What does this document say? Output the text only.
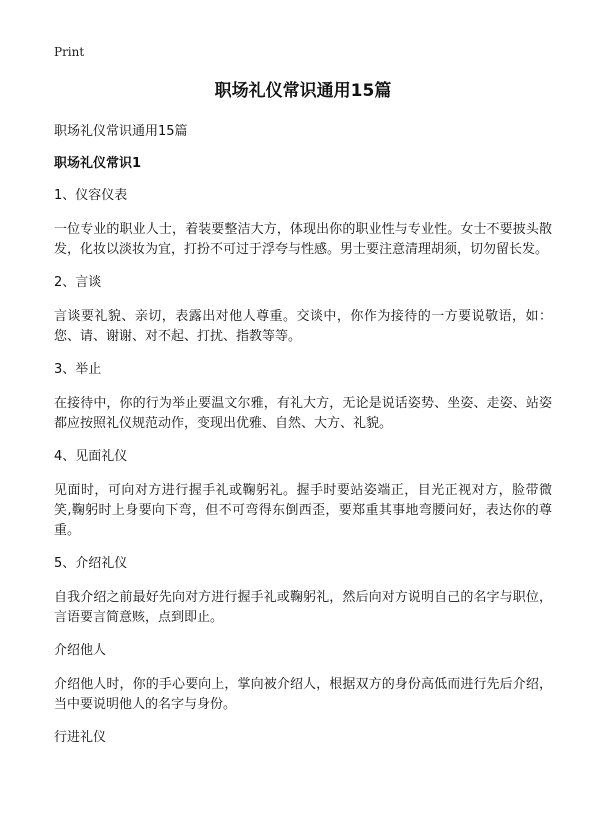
Print
职场礼仪常识通用15篇
职场礼仪常识通用15篇
职场礼仪常识1
1、仪容仪表
一位专业的职业人士，着装要整洁大方，体现出你的职业性与专业性。女士不要披头散发，化妆以淡妆为宜，打扮不可过于浮夸与性感。男士要注意清理胡须，切勿留长发。
2、言谈
言谈要礼貌、亲切，表露出对他人尊重。交谈中，你作为接待的一方要说敬语，如：您、请、谢谢、对不起、打扰、指教等等。
3、举止
在接待中，你的行为举止要温文尔雅，有礼大方，无论是说话姿势、坐姿、走姿、站姿都应按照礼仪规范动作，变现出优雅、自然、大方、礼貌。
4、见面礼仪
见面时，可向对方进行握手礼或鞠躬礼。握手时要站姿端正，目光正视对方，脸带微笑,鞠躬时上身要向下弯，但不可弯得东倒西歪，要郑重其事地弯腰问好，表达你的尊重。
5、介绍礼仪
自我介绍之前最好先向对方进行握手礼或鞠躬礼，然后向对方说明自己的名字与职位，言语要言简意赅，点到即止。
介绍他人
介绍他人时，你的手心要向上，掌向被介绍人，根据双方的身份高低而进行先后介绍，当中要说明他人的名字与身份。
行进礼仪
